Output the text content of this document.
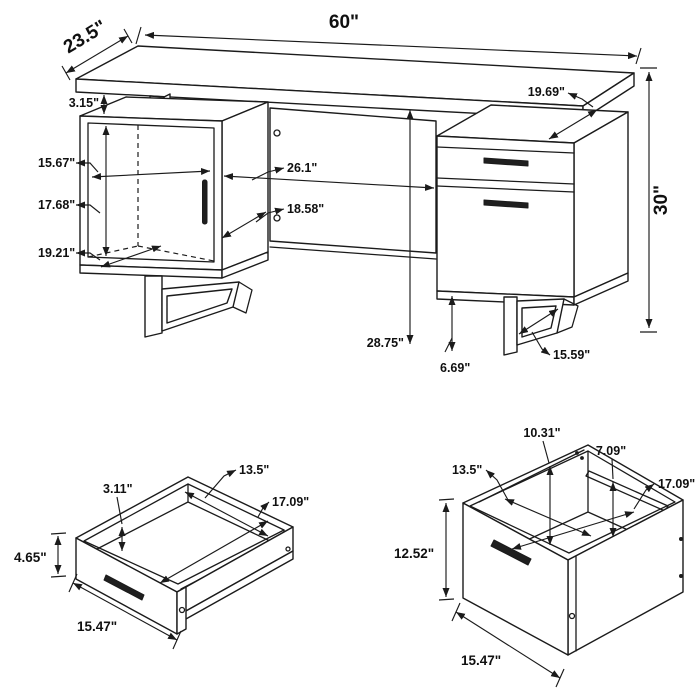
60"
23.5"
3.15"
15.67"
17.68"
19.21"
26.1"
18.58"
19.69"
30"
28.75"
6.69"
15.59"
4.65"
3.11"
13.5"
17.09"
15.47"
12.52"
10.31"
7.09"
13.5"
17.09"
15.47"
